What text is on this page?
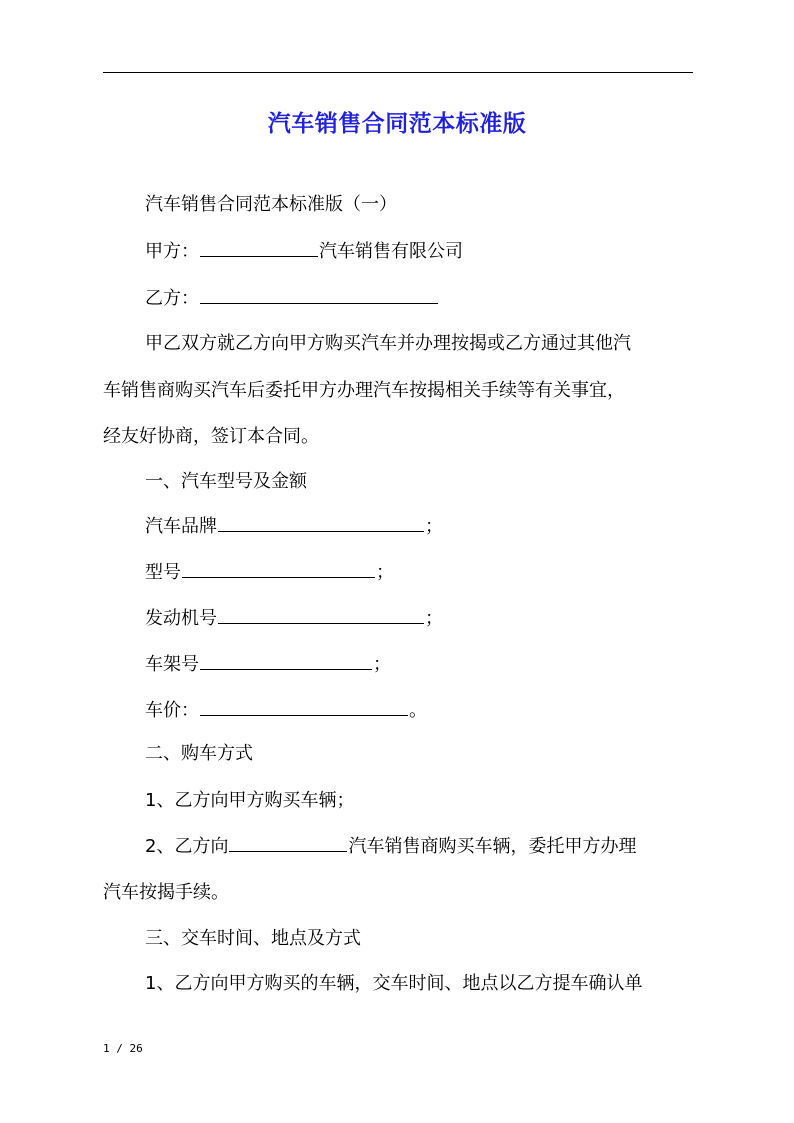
汽车销售合同范本标准版
汽车销售合同范本标准版（一）
甲方：	汽车销售有限公司
乙方：
甲乙双方就乙方向甲方购买汽车并办理按揭或乙方通过其他汽
车销售商购买汽车后委托甲方办理汽车按揭相关手续等有关事宜，
经友好协商，签订本合同。
一、汽车型号及金额
汽车品牌	；
型号	；
发动机号	；
车架号	；
车价：	。
二、购车方式
1、乙方向甲方购买车辆；
2、乙方向	汽车销售商购买车辆，委托甲方办理
汽车按揭手续。
三、交车时间、地点及方式
1、乙方向甲方购买的车辆，交车时间、地点以乙方提车确认单
1 / 26
